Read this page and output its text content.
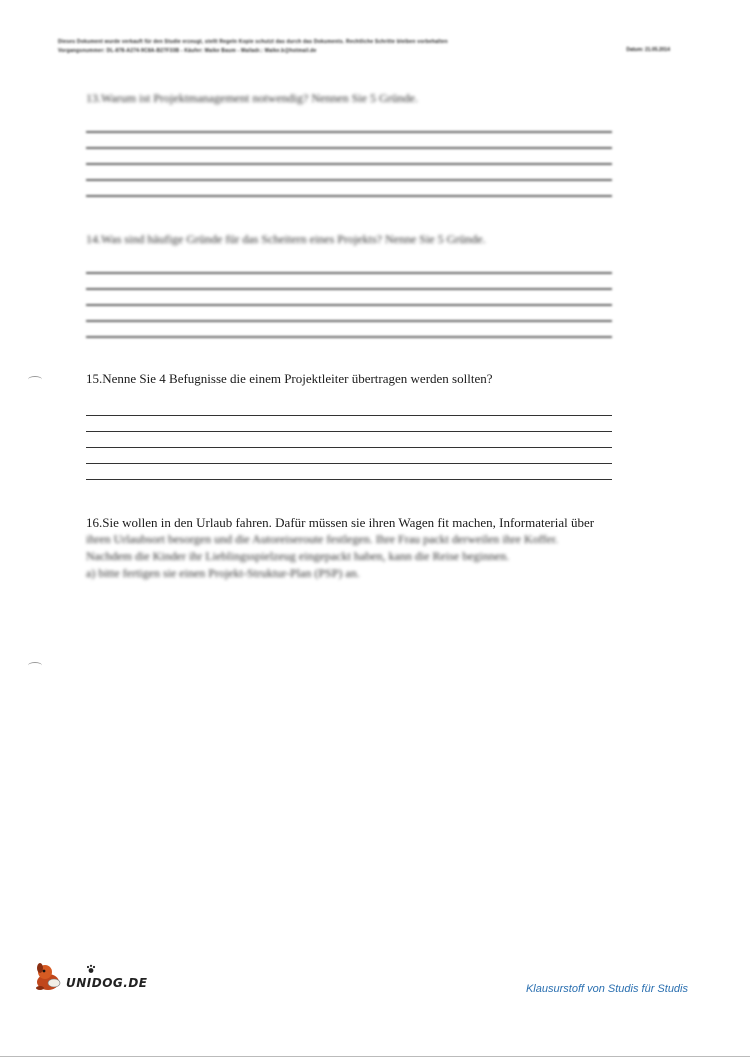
Dieses Dokument wurde verkauft für den Studie erzeugt, stellt Regeln Kopie schutzt das durch das Dokuments. Rechtliche Schritte bleiben vorbehalten
Vorgangsnummer: DL-878-A274-9C8A-B27F33B - Käufer: Maike Baum - Mailadr.: Maike.b@hotmail.de	Datum: 21.05.2014
13.Warum ist Projektmanagement notwendig? Nennen Sie 5 Gründe.
14.Was sind häufige Gründe für das Scheitern eines Projekts? Nenne Sie 5 Gründe.
15.Nenne Sie 4 Befugnisse die einem Projektleiter übertragen werden sollten?
16.Sie wollen in den Urlaub fahren. Dafür müssen sie ihren Wagen fit machen, Informaterial über
ihren Urlaubsort besorgen und die Autoreiseroute festlegen. Ihre Frau packt derweilen ihre Koffer.
Nachdem die Kinder ihr Lieblingsspielzeug eingepackt haben, kann die Reise beginnen.
a) bitte fertigen sie einen Projekt-Struktur-Plan (PSP) an.
UNIDOG.DE	Klausurstoff von Studis für Studis
